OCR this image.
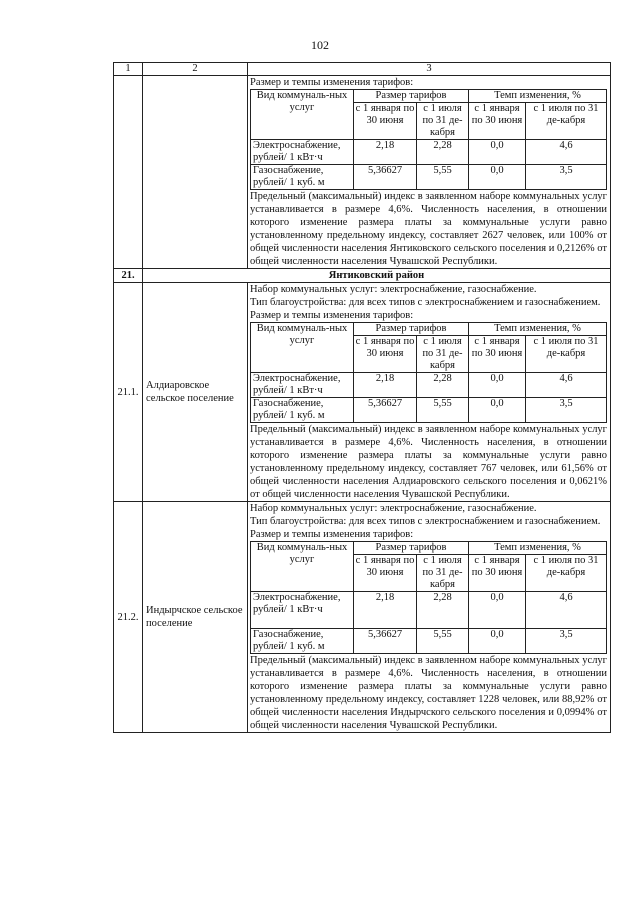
102
1	2	3

Размер и темпы изменения тарифов:
Вид коммуналь-ных услуг	Размер тарифов	Темп изменения, %
с 1 января по 30 июня	с 1 июля по 31 де-кабря	с 1 января по 30 июня	с 1 июля по 31 де-кабря
Электроснабжение, рублей/ 1 кВт·ч	2,18	2,28	0,0	4,6
Газоснабжение, рублей/ 1 куб. м	5,36627	5,55	0,0	3,5
Предельный (максимальный) индекс в заявленном наборе коммунальных услуг устанавливается в размере 4,6%. Численность населения, в отношении которого изменение размера платы за коммунальные услуги равно установленному предельному индексу, составляет 2627 человек, или 100% от общей численности населения Янтиковского сельского поселения и 0,2126% от общей численности населения Чувашской Республики.

21.	Янтиковский район
21.1.	Алдиаровское сельское поселение	
Набор коммунальных услуг: электроснабжение, газоснабжение.
Тип благоустройства: для всех типов с электроснабжением и газоснабжением.
Размер и темпы изменения тарифов:
Вид коммуналь-ных услуг	Размер тарифов	Темп изменения, %
с 1 января по 30 июня	с 1 июля по 31 де-кабря	с 1 января по 30 июня	с 1 июля по 31 де-кабря
Электроснабжение, рублей/ 1 кВт·ч	2,18	2,28	0,0	4,6
Газоснабжение, рублей/ 1 куб. м	5,36627	5,55	0,0	3,5
Предельный (максимальный) индекс в заявленном наборе коммунальных услуг устанавливается в размере 4,6%. Численность населения, в отношении которого изменение размера платы за коммунальные услуги равно установленному предельному индексу, составляет 767 человек, или 61,56% от общей численности населения Алдиаровского сельского поселения и 0,0621% от общей численности населения Чувашской Республики.

21.2.	Индырчское сельское поселение	
Набор коммунальных услуг: электроснабжение, газоснабжение.
Тип благоустройства: для всех типов с электроснабжением и газоснабжением.
Размер и темпы изменения тарифов:
Вид коммуналь-ных услуг	Размер тарифов	Темп изменения, %
с 1 января по 30 июня	с 1 июля по 31 де-кабря	с 1 января по 30 июня	с 1 июля по 31 де-кабря
Электроснабжение, рублей/ 1 кВт·ч	2,18	2,28	0,0	4,6
Газоснабжение, рублей/ 1 куб. м	5,36627	5,55	0,0	3,5
Предельный (максимальный) индекс в заявленном наборе коммунальных услуг устанавливается в размере 4,6%. Численность населения, в отношении которого изменение размера платы за коммунальные услуги равно установленному предельному индексу, составляет 1228 человек, или 88,92% от общей численности населения Индырчского сельского поселения и 0,0994% от общей численности населения Чувашской Республики.
